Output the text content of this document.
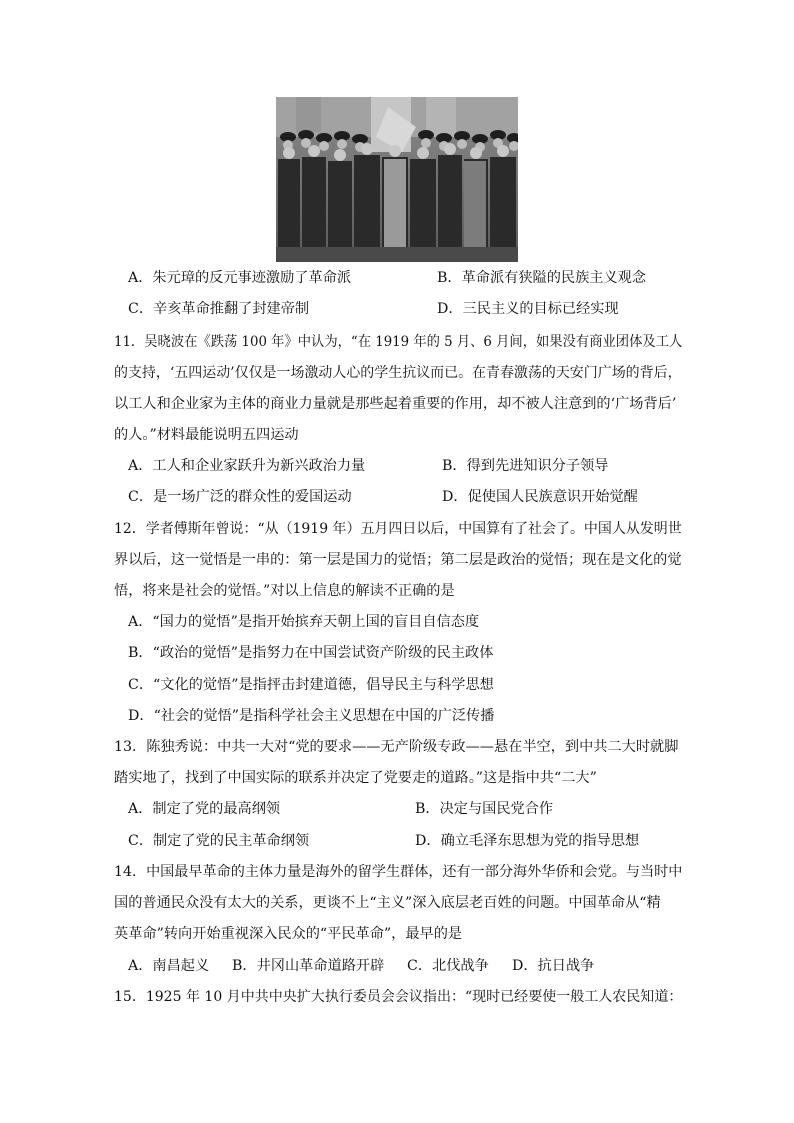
A．朱元璋的反元事迹激励了革命派	B．革命派有狭隘的民族主义观念
C．辛亥革命推翻了封建帝制	D．三民主义的目标已经实现
11．吴晓波在《跌荡 100 年》中认为，“在 1919 年的 5 月、6 月间，如果没有商业团体及工人
的支持，‘五四运动’仅仅是一场激动人心的学生抗议而已。在青春激荡的天安门广场的背后，
以工人和企业家为主体的商业力量就是那些起着重要的作用，却不被人注意到的‘广场背后’
的人。”材料最能说明五四运动
A．工人和企业家跃升为新兴政治力量	B．得到先进知识分子领导
C．是一场广泛的群众性的爱国运动	D．促使国人民族意识开始觉醒
12．学者傅斯年曾说：“从（1919 年）五月四日以后，中国算有了社会了。中国人从发明世
界以后，这一觉悟是一串的：第一层是国力的觉悟；第二层是政治的觉悟；现在是文化的觉
悟，将来是社会的觉悟。”对以上信息的解读不正确的是
A．“国力的觉悟”是指开始摈弃天朝上国的盲目自信态度
B．“政治的觉悟”是指努力在中国尝试资产阶级的民主政体
C．“文化的觉悟”是指抨击封建道德，倡导民主与科学思想
D．“社会的觉悟”是指科学社会主义思想在中国的广泛传播
13．陈独秀说：中共一大对“党的要求——无产阶级专政——悬在半空，到中共二大时就脚
踏实地了，找到了中国实际的联系并决定了党要走的道路。”这是指中共“二大”
A．制定了党的最高纲领	B．决定与国民党合作
C．制定了党的民主革命纲领	D．确立毛泽东思想为党的指导思想
14．中国最早革命的主体力量是海外的留学生群体，还有一部分海外华侨和会党。与当时中
国的普通民众没有太大的关系，更谈不上“主义”深入底层老百姓的问题。中国革命从“精
英革命”转向开始重视深入民众的“平民革命”，最早的是
A．南昌起义 B．井冈山革命道路开辟 C．北伐战争 D．抗日战争
15．1925 年 10 月中共中央扩大执行委员会会议指出：“现时已经要使一般工人农民知道：
